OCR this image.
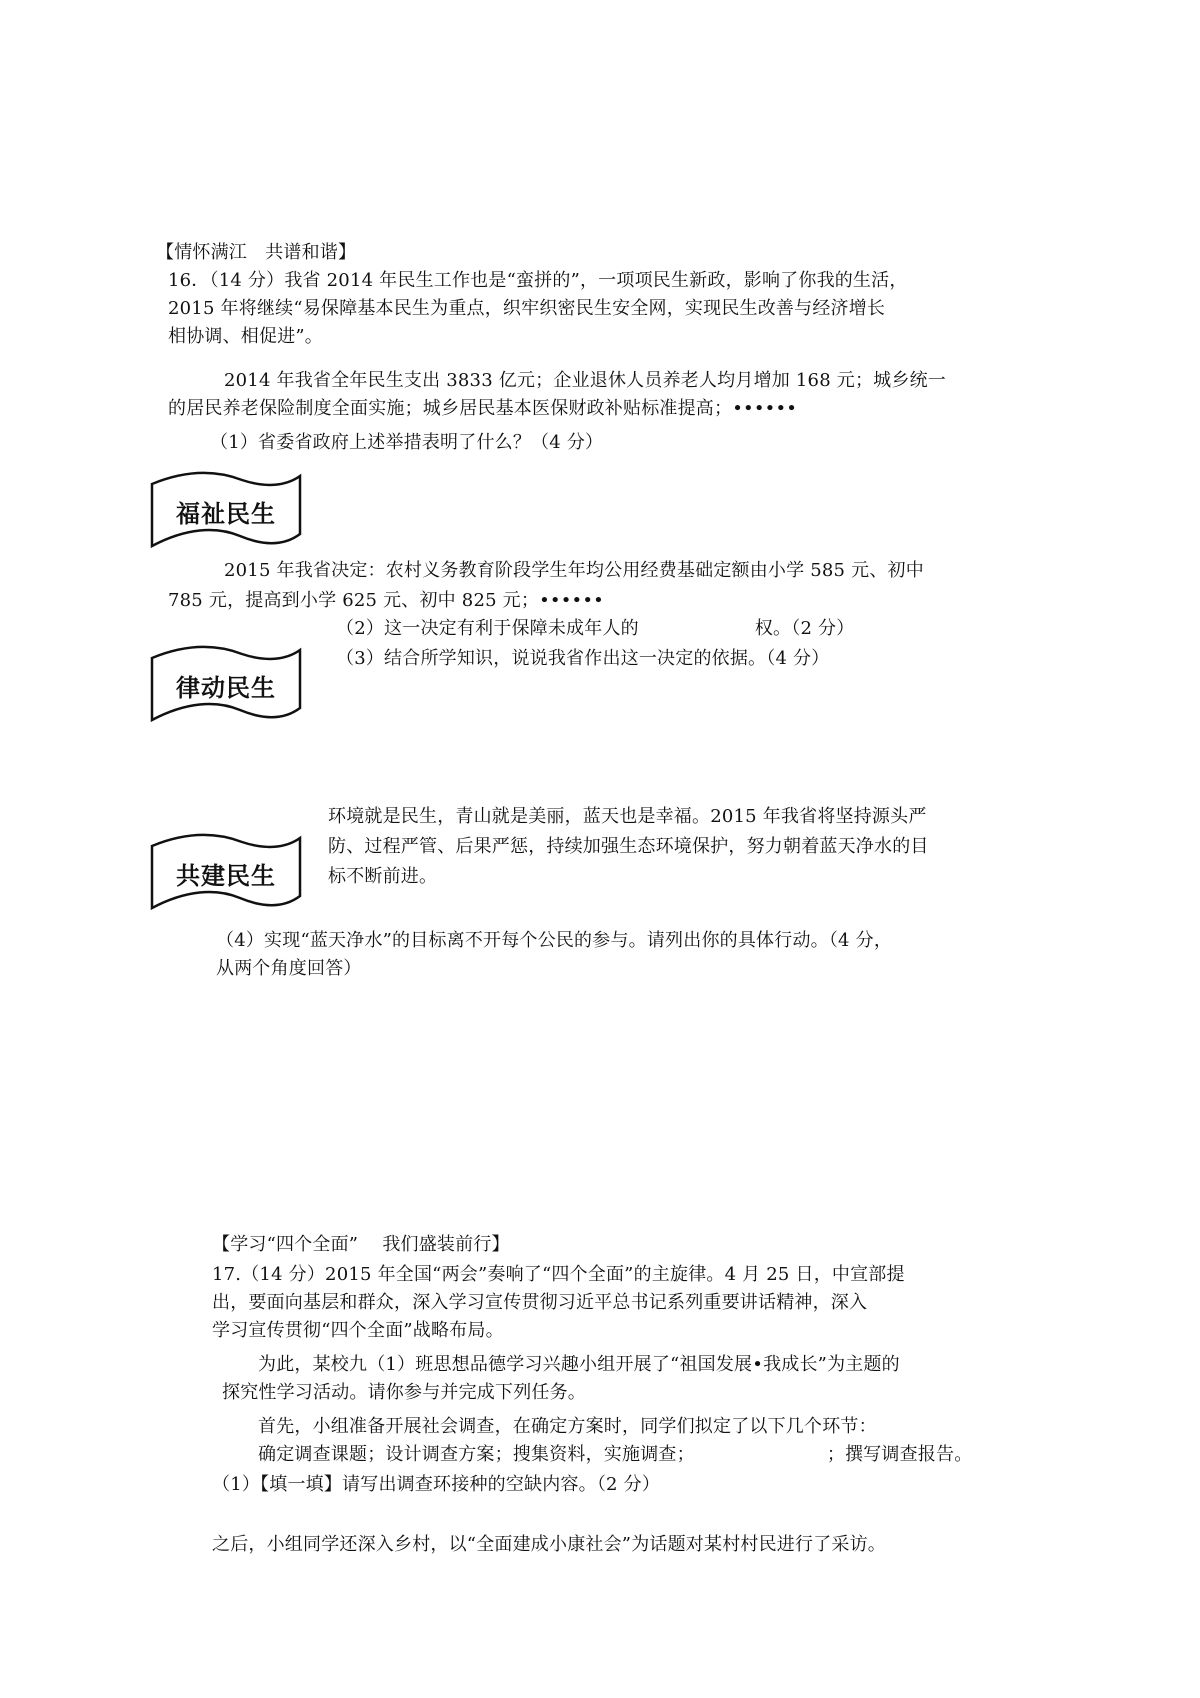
【情怀满江　共谱和谐】

16．（14 分）我省 2014 年民生工作也是“蛮拼的”，一项项民生新政，影响了你我的生活，

2015 年将继续“易保障基本民生为重点，织牢织密民生安全网，实现民生改善与经济增长

相协调、相促进”。

2014 年我省全年民生支出 3833 亿元；企业退休人员养老人均月增加 168 元；城乡统一

的居民养老保险制度全面实施；城乡居民基本医保财政补贴标准提高；••••••

（1）省委省政府上述举措表明了什么？（4 分）

福祉民生

2015 年我省决定：农村义务教育阶段学生年均公用经费基础定额由小学 585 元、初中

785 元，提高到小学 625 元、初中 825 元；••••••

（2）这一决定有利于保障未成年人的	权。（2 分）

（3）结合所学知识，说说我省作出这一决定的依据。（4 分）

律动民生

环境就是民生，青山就是美丽，蓝天也是幸福。2015 年我省将坚持源头严

防、过程严管、后果严惩，持续加强生态环境保护，努力朝着蓝天净水的目

标不断前进。

共建民生

（4）实现“蓝天净水”的目标离不开每个公民的参与。请列出你的具体行动。（4 分，

从两个角度回答）

【学习“四个全面”　 我们盛装前行】

17.（14 分）2015 年全国“两会”奏响了“四个全面”的主旋律。4 月 25 日，中宣部提

出，要面向基层和群众，深入学习宣传贯彻习近平总书记系列重要讲话精神，深入

学习宣传贯彻“四个全面”战略布局。

为此，某校九（1）班思想品德学习兴趣小组开展了“祖国发展•我成长”为主题的

探究性学习活动。请你参与并完成下列任务。

首先，小组准备开展社会调查，在确定方案时，同学们拟定了以下几个环节：

确定调查课题；设计调查方案；搜集资料，实施调查；	；撰写调查报告。

（1）【填一填】请写出调查环接种的空缺内容。（2 分）

之后，小组同学还深入乡村，以“全面建成小康社会”为话题对某村村民进行了采访。
